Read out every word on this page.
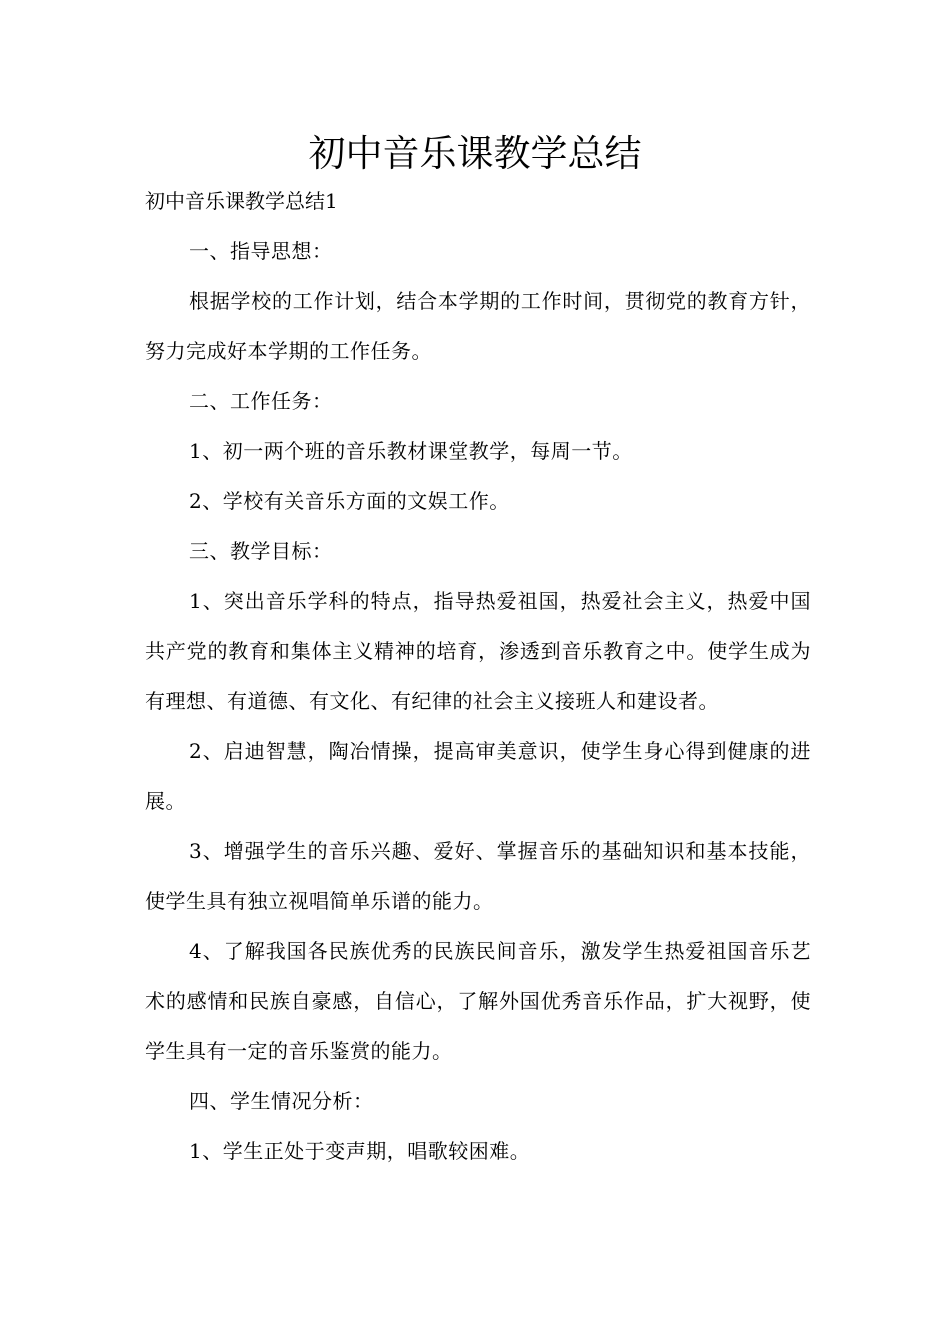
初中音乐课教学总结

初中音乐课教学总结1

一、指导思想：

根据学校的工作计划，结合本学期的工作时间，贯彻党的教育方针，努力完成好本学期的工作任务。

二、工作任务：

1、初一两个班的音乐教材课堂教学，每周一节。

2、学校有关音乐方面的文娱工作。

三、教学目标：

1、突出音乐学科的特点，指导热爱祖国，热爱社会主义，热爱中国共产党的教育和集体主义精神的培育，渗透到音乐教育之中。使学生成为有理想、有道德、有文化、有纪律的社会主义接班人和建设者。

2、启迪智慧，陶冶情操，提高审美意识，使学生身心得到健康的进展。

3、增强学生的音乐兴趣、爱好、掌握音乐的基础知识和基本技能，使学生具有独立视唱简单乐谱的能力。

4、了解我国各民族优秀的民族民间音乐，激发学生热爱祖国音乐艺术的感情和民族自豪感，自信心，了解外国优秀音乐作品，扩大视野，使学生具有一定的音乐鉴赏的能力。

四、学生情况分析：

1、学生正处于变声期，唱歌较困难。
